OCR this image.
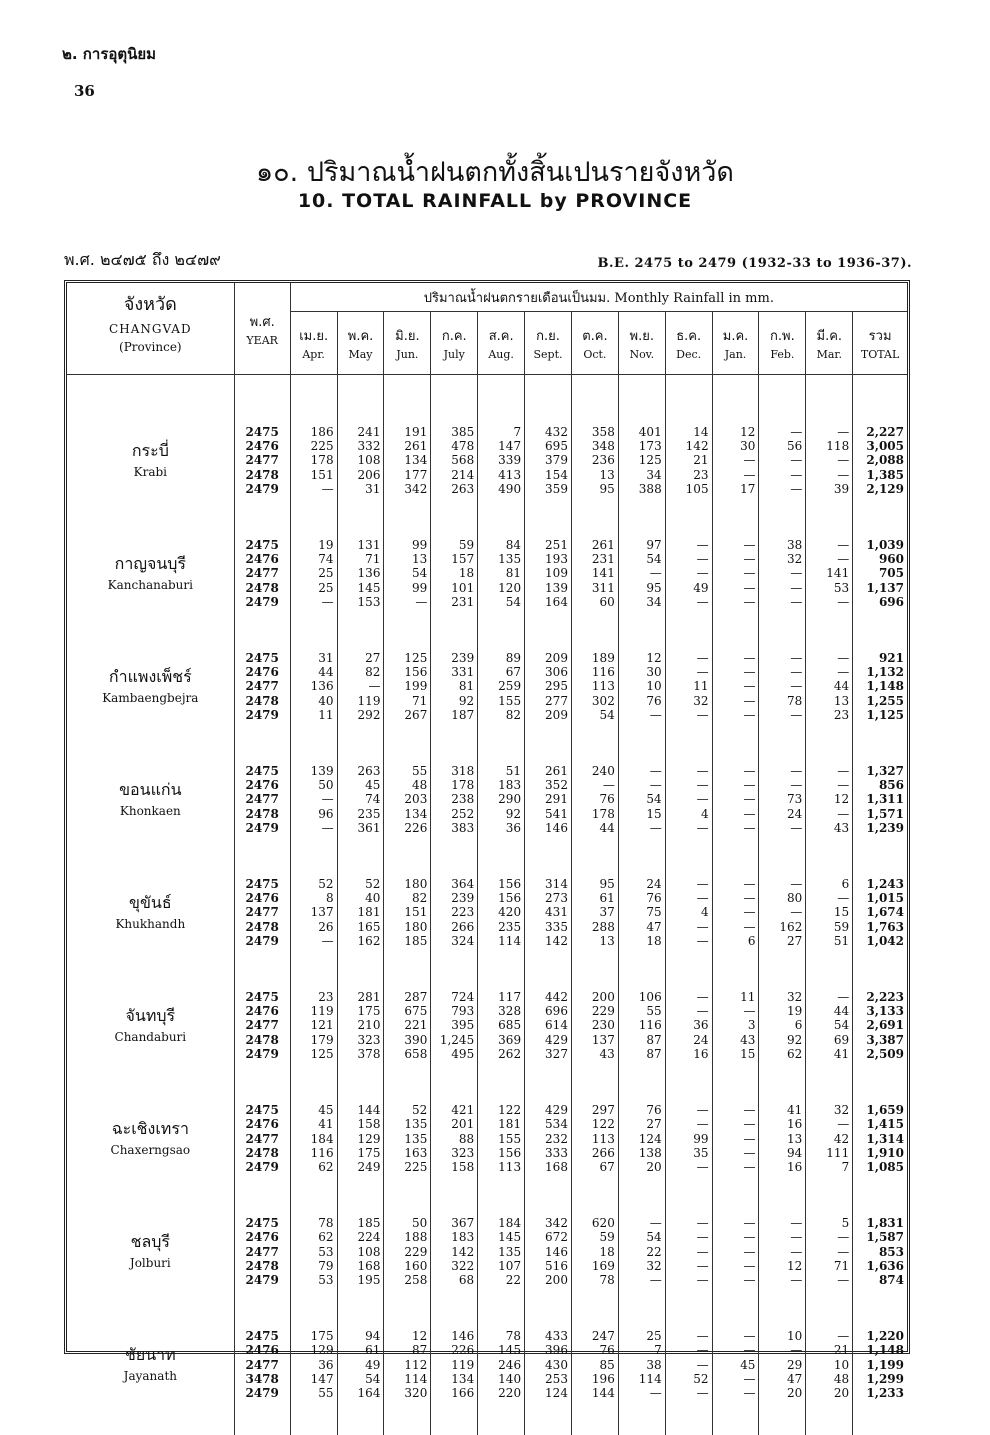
๒. การอุตุนิยม
36
๑๐. ปริมาณน้ำฝนตกทั้งสิ้นเปนรายจังหวัด
10. TOTAL RAINFALL by PROVINCE
พ.ศ. ๒๔๗๕ ถึง ๒๔๗๙	B.E. 2475 to 2479 (1932-33 to 1936-37).
จังหวัด
CHANGVAD
(Province)	พ.ศ.
YEAR	ปริมาณน้ำฝนตกรายเดือนเป็นมม. Monthly Rainfall in mm.												

		เม.ย.
Apr.	พ.ค.
May	มิ.ย.
Jun.	ก.ค.
July	ส.ค.
Aug.	ก.ย.
Sept.	ต.ค.
Oct.	พ.ย.
Nov.	ธ.ค.
Dec.	ม.ค.
Jan.	ก.พ.
Feb.	มี.ค.
Mar.	รวม
TOTAL

กระบี่
Krabi	2475	186	241	191	385	7	432	358	401	14	12	—	—	2,227
	2476	225	332	261	478	147	695	348	173	142	30	56	118	3,005
	2477	178	108	134	568	339	379	236	125	21	—	—	—	2,088
	2478	151	206	177	214	413	154	13	34	23	—	—	—	1,385
	2479	—	31	342	263	490	359	95	388	105	17	—	39	2,129

กาญจนบุรี
Kanchanaburi	2475	19	131	99	59	84	251	261	97	—	—	38	—	1,039
	2476	74	71	13	157	135	193	231	54	—	—	32	—	960
	2477	25	136	54	18	81	109	141	—	—	—	—	141	705
	2478	25	145	99	101	120	139	311	95	49	—	—	53	1,137
	2479	—	153	—	231	54	164	60	34	—	—	—	—	696

กำแพงเพ็ชร์
Kambaengbejra	2475	31	27	125	239	89	209	189	12	—	—	—	—	921
	2476	44	82	156	331	67	306	116	30	—	—	—	—	1,132
	2477	136	—	199	81	259	295	113	10	11	—	—	44	1,148
	2478	40	119	71	92	155	277	302	76	32	—	78	13	1,255
	2479	11	292	267	187	82	209	54	—	—	—	—	23	1,125

ขอนแก่น
Khonkaen	2475	139	263	55	318	51	261	240	—	—	—	—	—	1,327
	2476	50	45	48	178	183	352	—	—	—	—	—	—	856
	2477	—	74	203	238	290	291	76	54	—	—	73	12	1,311
	2478	96	235	134	252	92	541	178	15	4	—	24	—	1,571
	2479	—	361	226	383	36	146	44	—	—	—	—	43	1,239

ขุขันธ์
Khukhandh	2475	52	52	180	364	156	314	95	24	—	—	—	6	1,243
	2476	8	40	82	239	156	273	61	76	—	—	80	—	1,015
	2477	137	181	151	223	420	431	37	75	4	—	—	15	1,674
	2478	26	165	180	266	235	335	288	47	—	—	162	59	1,763
	2479	—	162	185	324	114	142	13	18	—	6	27	51	1,042

จันทบุรี
Chandaburi	2475	23	281	287	724	117	442	200	106	—	11	32	—	2,223
	2476	119	175	675	793	328	696	229	55	—	—	19	44	3,133
	2477	121	210	221	395	685	614	230	116	36	3	6	54	2,691
	2478	179	323	390	1,245	369	429	137	87	24	43	92	69	3,387
	2479	125	378	658	495	262	327	43	87	16	15	62	41	2,509

ฉะเชิงเทรา
Chaxerngsao	2475	45	144	52	421	122	429	297	76	—	—	41	32	1,659
	2476	41	158	135	201	181	534	122	27	—	—	16	—	1,415
	2477	184	129	135	88	155	232	113	124	99	—	13	42	1,314
	2478	116	175	163	323	156	333	266	138	35	—	94	111	1,910
	2479	62	249	225	158	113	168	67	20	—	—	16	7	1,085

ชลบุรี
Jolburi	2475	78	185	50	367	184	342	620	—	—	—	—	5	1,831
	2476	62	224	188	183	145	672	59	54	—	—	—	—	1,587
	2477	53	108	229	142	135	146	18	22	—	—	—	—	853
	2478	79	168	160	322	107	516	169	32	—	—	12	71	1,636
	2479	53	195	258	68	22	200	78	—	—	—	—	—	874

ชัยนาท
Jayanath	2475	175	94	12	146	78	433	247	25	—	—	10	—	1,220
	2476	129	61	87	226	145	396	76	7	—	—	—	21	1,148
	2477	36	49	112	119	246	430	85	38	—	45	29	10	1,199
	3478	147	54	114	134	140	253	196	114	52	—	47	48	1,299
	2479	55	164	320	166	220	124	144	—	—	—	20	20	1,233
